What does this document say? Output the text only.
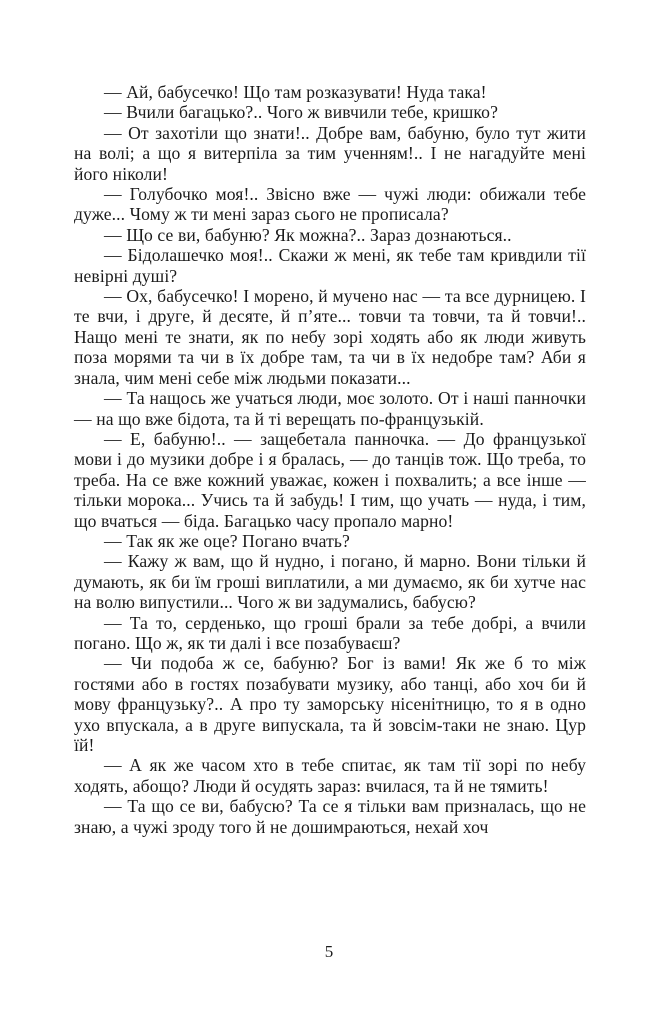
— Ай, бабусечко! Що там розказувати! Нуда така!

— Вчили багацько?.. Чого ж вивчили тебе, кришко?

— От захотіли що знати!.. Добре вам, бабуню, було тут жити на волі; а що я витерпіла за тим ученням!.. І не нагадуйте мені його ніколи!

— Голубочко моя!.. Звісно вже — чужі люди: обижали тебе дуже... Чому ж ти мені зараз сього не прописала?

— Що се ви, бабуню? Як можна?.. Зараз дознаються..

— Бідолашечко моя!.. Скажи ж мені, як тебе там кривдили тії невірні душі?

— Ох, бабусечко! І морено, й мучено нас — та все дурницею. І те вчи, і друге, й десяте, й п’яте... товчи та товчи, та й товчи!.. Нащо мені те знати, як по небу зорі ходять або як люди живуть поза морями та чи в їх добре там, та чи в їх недобре там? Аби я знала, чим мені себе між людьми показати...

— Та нащось же учаться люди, моє золото. От і наші панночки — на що вже бідота, та й ті верещать по-французькій.

— Е, бабуню!.. — защебетала панночка. — До французької мови і до музики добре і я бралась, — до танців тож. Що треба, то треба. На се вже кожний уважає, кожен і похвалить; а все інше — тільки морока... Учись та й забудь! І тим, що учать — нуда, і тим, що вчаться — біда. Багацько часу пропало марно!

— Так як же оце? Погано вчать?

— Кажу ж вам, що й нудно, і погано, й марно. Вони тільки й думають, як би їм гроші виплатили, а ми думаємо, як би хутче нас на волю випустили... Чого ж ви задумались, бабусю?

— Та то, серденько, що гроші брали за тебе добрі, а вчили погано. Що ж, як ти далі і все позабуваєш?

— Чи подоба ж се, бабуню? Бог із вами! Як же б то між гостями або в гостях позабувати музику, або танці, або хоч би й мову французьку?.. А про ту заморську нісенітницю, то я в одно ухо впускала, а в друге випускала, та й зовсім-таки не знаю. Цур їй!

— А як же часом хто в тебе спитає, як там тії зорі по небу ходять, абощо? Люди й осудять зараз: вчилася, та й не тямить!

— Та що се ви, бабусю? Та се я тільки вам призналась, що не знаю, а чужі зроду того й не дошимраються, нехай хоч

5
